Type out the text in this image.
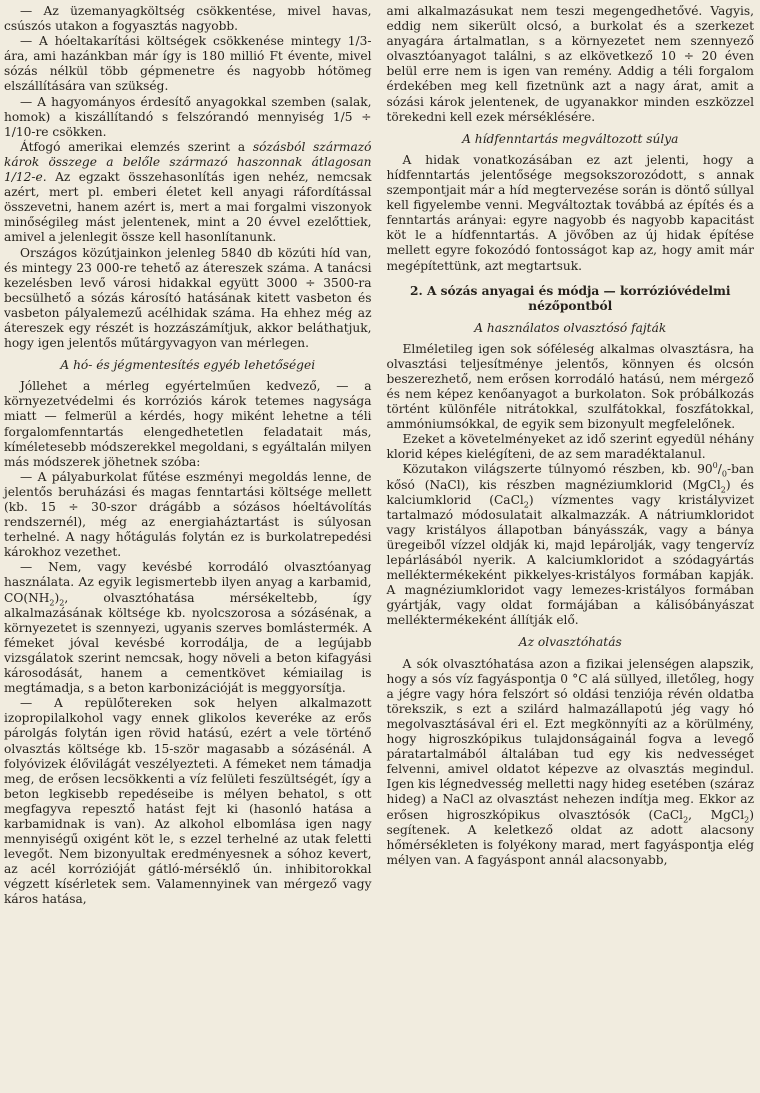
— Az üzemanyagköltség csökkentése, mivel havas, csúszós utakon a fogyasztás nagyobb.

— A hóeltakarítási költségek csökkenése mintegy 1/3-ára, ami hazánkban már így is 180 millió Ft évente, mivel sózás nélkül több gépmenetre és nagyobb hótömeg elszállítására van szükség.

— A hagyományos érdesítő anyagokkal szemben (salak, homok) a kiszállítandó s felszórandó mennyiség 1/5 ÷ 1/10-re csökken.

Átfogó amerikai elemzés szerint a sózásból származó károk összege a belőle származó haszonnak átlagosan 1/12-e. Az egzakt összehasonlítás igen nehéz, nemcsak azért, mert pl. emberi életet kell anyagi ráfordítással összevetni, hanem azért is, mert a mai forgalmi viszonyok minőségileg mást jelentenek, mint a 20 évvel ezelőttiek, amivel a jelenlegit össze kell hasonlítanunk.

Országos közútjainkon jelenleg 5840 db közúti híd van, és mintegy 23 000-re tehető az átereszek száma. A tanácsi kezelésben levő városi hidakkal együtt 3000 ÷ 3500-ra becsülhető a sózás károsító hatásának kitett vasbeton és vasbeton pályalemezű acélhidak száma. Ha ehhez még az átereszek egy részét is hozzászámítjuk, akkor beláthatjuk, hogy igen jelentős műtárgyvagyon van mérlegen.

A hó- és jégmentesítés egyéb lehetőségei

Jóllehet a mérleg egyértelműen kedvező, — a környezetvédelmi és korróziós károk tetemes nagysága miatt — felmerül a kérdés, hogy miként lehetne a téli forgalomfenntartás elengedhetetlen feladatait más, kíméletesebb módszerekkel megoldani, s egyáltalán milyen más módszerek jöhetnek szóba:

— A pályaburkolat fűtése eszményi megoldás lenne, de jelentős beruházási és magas fenntartási költsége mellett (kb. 15 ÷ 30-szor drágább a sózásos hóeltávolítás rendszernél), még az energiaháztartást is súlyosan terhelné. A nagy hőtágulás folytán ez is burkolatrepedési károkhoz vezethet.

— Nem, vagy kevésbé korrodáló olvasztóanyag használata. Az egyik legismertebb ilyen anyag a karbamid, $CO(NH_2)_2$, olvasztóhatása mérsékeltebb, így alkalmazásának költsége kb. nyolcszorosa a sózásénak, a környezetet is szennyezi, ugyanis szerves bomlástermék. A fémeket jóval kevésbé korrodálja, de a legújabb vizsgálatok szerint nemcsak, hogy növeli a beton kifagyási károsodását, hanem a cementkövet kémiailag is megtámadja, s a beton karbonizációját is meggyorsítja.

— A repülőtereken sok helyen alkalmazott izopropilalkohol vagy ennek glikolos keveréke az erős párolgás folytán igen rövid hatású, ezért a vele történő olvasztás költsége kb. 15-ször magasabb a sózásénál. A folyóvizek élővilágát veszélyezteti. A fémeket nem támadja meg, de erősen lecsökkenti a víz felületi feszültségét, így a beton legkisebb repedéseibe is mélyen behatol, s ott megfagyva repesztő hatást fejt ki (hasonló hatása a karbamidnak is van). Az alkohol elbomlása igen nagy mennyiségű oxigént köt le, s ezzel terhelné az utak feletti levegőt. Nem bizonyultak eredményesnek a sóhoz kevert, az acél korrózióját gátló-mérséklő ún. inhibitorokkal végzett kísérletek sem. Valamennyinek van mérgező vagy káros hatása,

ami alkalmazásukat nem teszi megengedhetővé. Vagyis, eddig nem sikerült olcsó, a burkolat és a szerkezet anyagára ártalmatlan, s a környezetet nem szennyező olvasztóanyagot találni, s az elkövetkező 10 ÷ 20 éven belül erre nem is igen van remény. Addig a téli forgalom érdekében meg kell fizetnünk azt a nagy árat, amit a sózási károk jelentenek, de ugyanakkor minden eszközzel törekedni kell ezek mérséklésére.

A hídfenntartás megváltozott súlya

A hidak vonatkozásában ez azt jelenti, hogy a hídfenntartás jelentősége megsokszorozódott, s annak szempontjait már a híd megtervezése során is döntő súllyal kell figyelembe venni. Megváltoztak továbbá az építés és a fenntartás arányai: egyre nagyobb és nagyobb kapacitást köt le a hídfenntartás. A jövőben az új hidak építése mellett egyre fokozódó fontosságot kap az, hogy amit már megépítettünk, azt megtartsuk.

2. A sózás anyagai és módja — korrózióvédelmi nézőpontból
A használatos olvasztósó fajták

Elméletileg igen sok sóféleség alkalmas olvasztásra, ha olvasztási teljesítménye jelentős, könnyen és olcsón beszerezhető, nem erősen korrodáló hatású, nem mérgező és nem képez kenőanyagot a burkolaton. Sok próbálkozás történt különféle nitrátokkal, szulfátokkal, foszfátokkal, ammóniumsókkal, de egyik sem bizonyult megfelelőnek.

Ezeket a követelményeket az idő szerint egyedül néhány klorid képes kielégíteni, de az sem maradéktalanul.

Közutakon világszerte túlnyomó részben, kb. $90^0/_0$-ban kősó (NaCl), kis részben magnéziumklorid (MgCl$_2$) és kalciumklorid (CaCl$_2$) vízmentes vagy kristályvizet tartalmazó módosulatait alkalmazzák. A nátriumkloridot vagy kristályos állapotban bányásszák, vagy a bánya üregeiből vízzel oldják ki, majd lepárolják, vagy tengervíz lepárlásából nyerik. A kalciumkloridot a szódagyártás melléktermékeként pikkelyes-kristályos formában kapják. A magnéziumkloridot vagy lemezes-kristályos formában gyártják, vagy oldat formájában a kálisóbányászat melléktermékeként állítják elő.

Az olvasztóhatás

A sók olvasztóhatása azon a fizikai jelenségen alapszik, hogy a sós víz fagyáspontja 0 °C alá süllyed, illetőleg, hogy a jégre vagy hóra felszórt só oldási tenziója révén oldatba törekszik, s ezt a szilárd halmazállapotú jég vagy hó megolvasztásával éri el. Ezt megkönnyíti az a körülmény, hogy higroszkópikus tulajdonságainál fogva a levegő páratartalmából általában tud egy kis nedvességet felvenni, amivel oldatot képezve az olvasztás megindul. Igen kis légnedvesség melletti nagy hideg esetében (száraz hideg) a NaCl az olvasztást nehezen indítja meg. Ekkor az erősen higroszkópikus olvasztósók (CaCl$_2$, MgCl$_2$) segítenek. A keletkező oldat az adott alacsony hőmérsékleten is folyékony marad, mert fagyáspontja elég mélyen van. A fagyáspont annál alacsonyabb,
